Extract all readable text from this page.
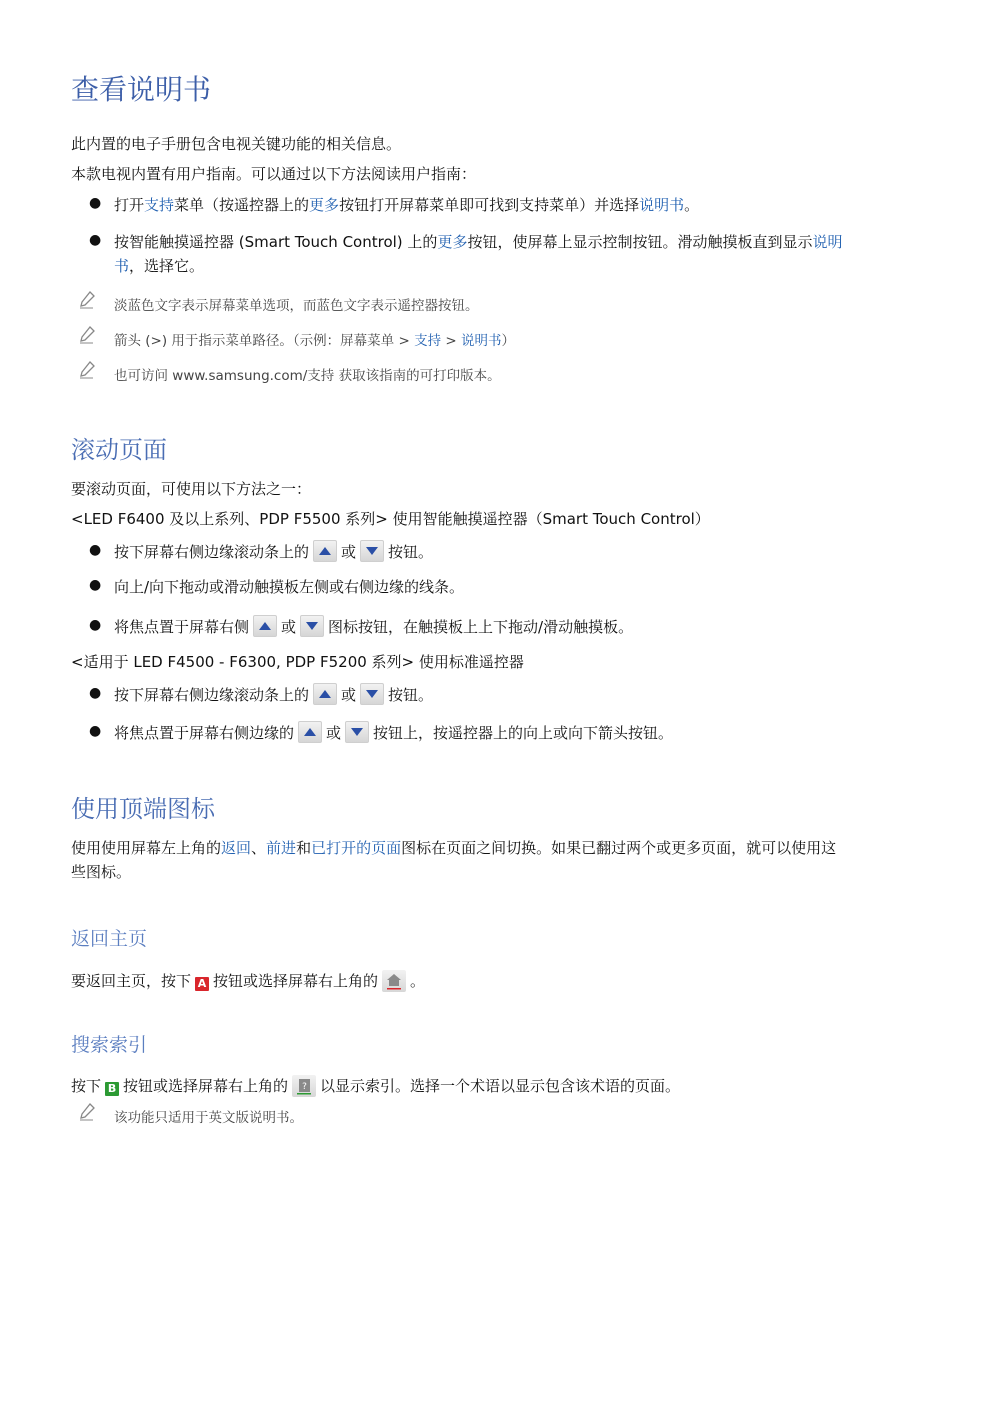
查看说明书
此内置的电子手册包含电视关键功能的相关信息。
本款电视内置有用户指南。可以通过以下方法阅读用户指南：
● 打开支持菜单（按遥控器上的更多按钮打开屏幕菜单即可找到支持菜单）并选择说明书。
● 按智能触摸遥控器 (Smart Touch Control) 上的更多按钮，使屏幕上显示控制按钮。滑动触摸板直到显示说明
书，选择它。
淡蓝色文字表示屏幕菜单选项，而蓝色文字表示遥控器按钮。
箭头 (>) 用于指示菜单路径。（示例：屏幕菜单 > 支持 > 说明书）
也可访问 www.samsung.com/支持 获取该指南的可打印版本。
滚动页面
要滚动页面，可使用以下方法之一：
<LED F6400 及以上系列、PDP F5500 系列> 使用智能触摸遥控器（Smart Touch Control）
● 按下屏幕右侧边缘滚动条上的 或 按钮。
● 向上/向下拖动或滑动触摸板左侧或右侧边缘的线条。
● 将焦点置于屏幕右侧 或 图标按钮，在触摸板上上下拖动/滑动触摸板。
<适用于 LED F4500 - F6300, PDP F5200 系列> 使用标准遥控器
● 按下屏幕右侧边缘滚动条上的 或 按钮。
● 将焦点置于屏幕右侧边缘的 或 按钮上，按遥控器上的向上或向下箭头按钮。
使用顶端图标
使用使用屏幕左上角的返回、前进和已打开的页面图标在页面之间切换。如果已翻过两个或更多页面，就可以使用这
些图标。
返回主页
要返回主页，按下 A 按钮或选择屏幕右上角的 。
搜索索引
按下 B 按钮或选择屏幕右上角的 ? 以显示索引。选择一个术语以显示包含该术语的页面。
该功能只适用于英文版说明书。
